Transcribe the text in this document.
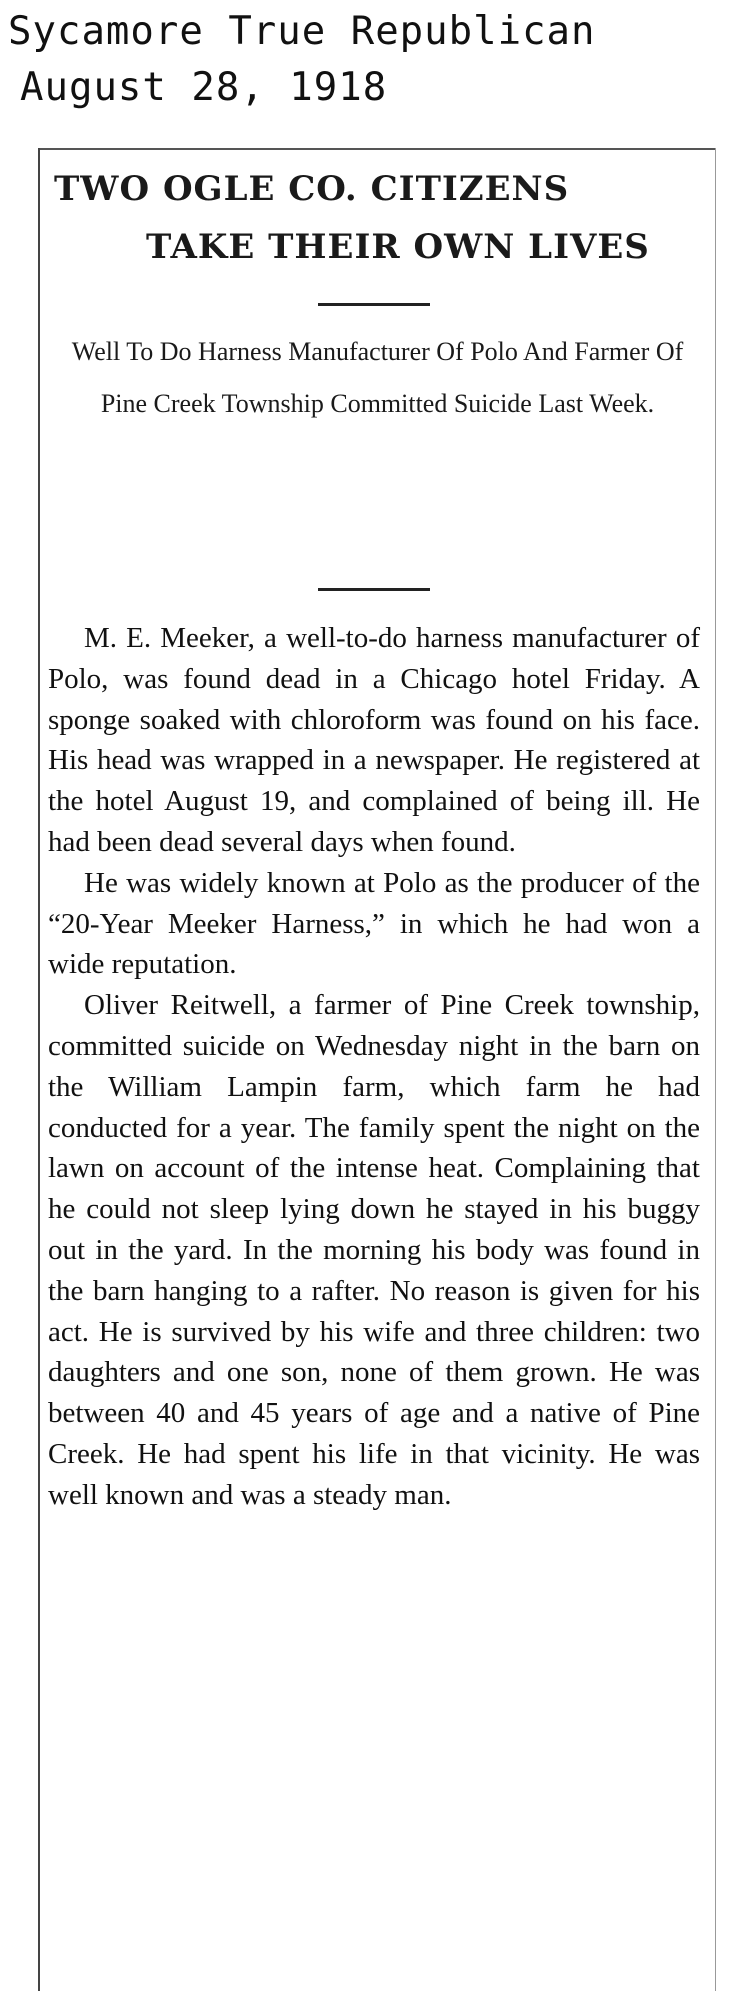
Sycamore True Republican
August 28, 1918
TWO OGLE CO. CITIZENS
TAKE THEIR OWN LIVES
Well To Do Harness Manufacturer Of Polo And Farmer Of Pine Creek Township Committed Suicide Last Week.

M. E. Meeker, a well-to-do harness manufacturer of Polo, was found dead in a Chicago hotel Friday. A sponge soaked with chloroform was found on his face. His head was wrapped in a newspaper. He registered at the hotel August 19, and complained of being ill. He had been dead several days when found.

He was widely known at Polo as the producer of the “20-Year Meeker Harness,” in which he had won a wide reputation.

Oliver Reitwell, a farmer of Pine Creek township, committed suicide on Wednesday night in the barn on the William Lampin farm, which farm he had conducted for a year. The family spent the night on the lawn on account of the intense heat. Complaining that he could not sleep lying down he stayed in his buggy out in the yard. In the morning his body was found in the barn hanging to a rafter. No reason is given for his act. He is survived by his wife and three children: two daughters and one son, none of them grown. He was between 40 and 45 years of age and a native of Pine Creek. He had spent his life in that vicinity. He was well known and was a steady man.
